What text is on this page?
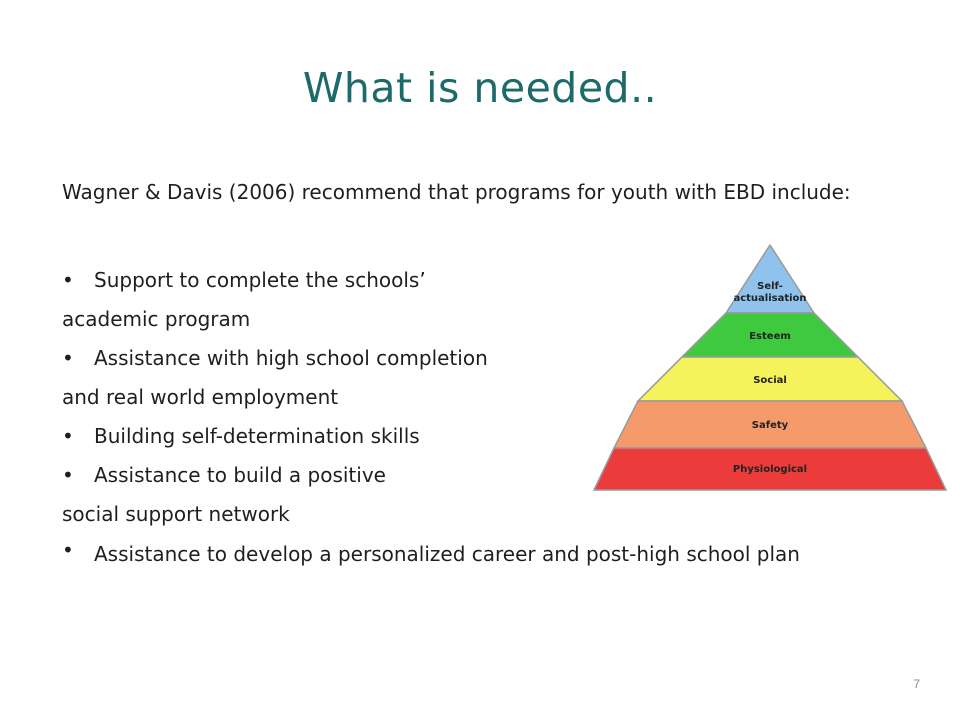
What is needed..
Wagner & Davis (2006) recommend that programs for youth with EBD include:
•	Support to complete the schools’
academic program
•	Assistance with high school completion
and real world employment
•	Building self-determination skills
•	Assistance to build a positive
social support network
•	Assistance to develop a personalized career and post-high school plan
Self-
actualisation
Esteem
Social
Safety
Physiological
7
